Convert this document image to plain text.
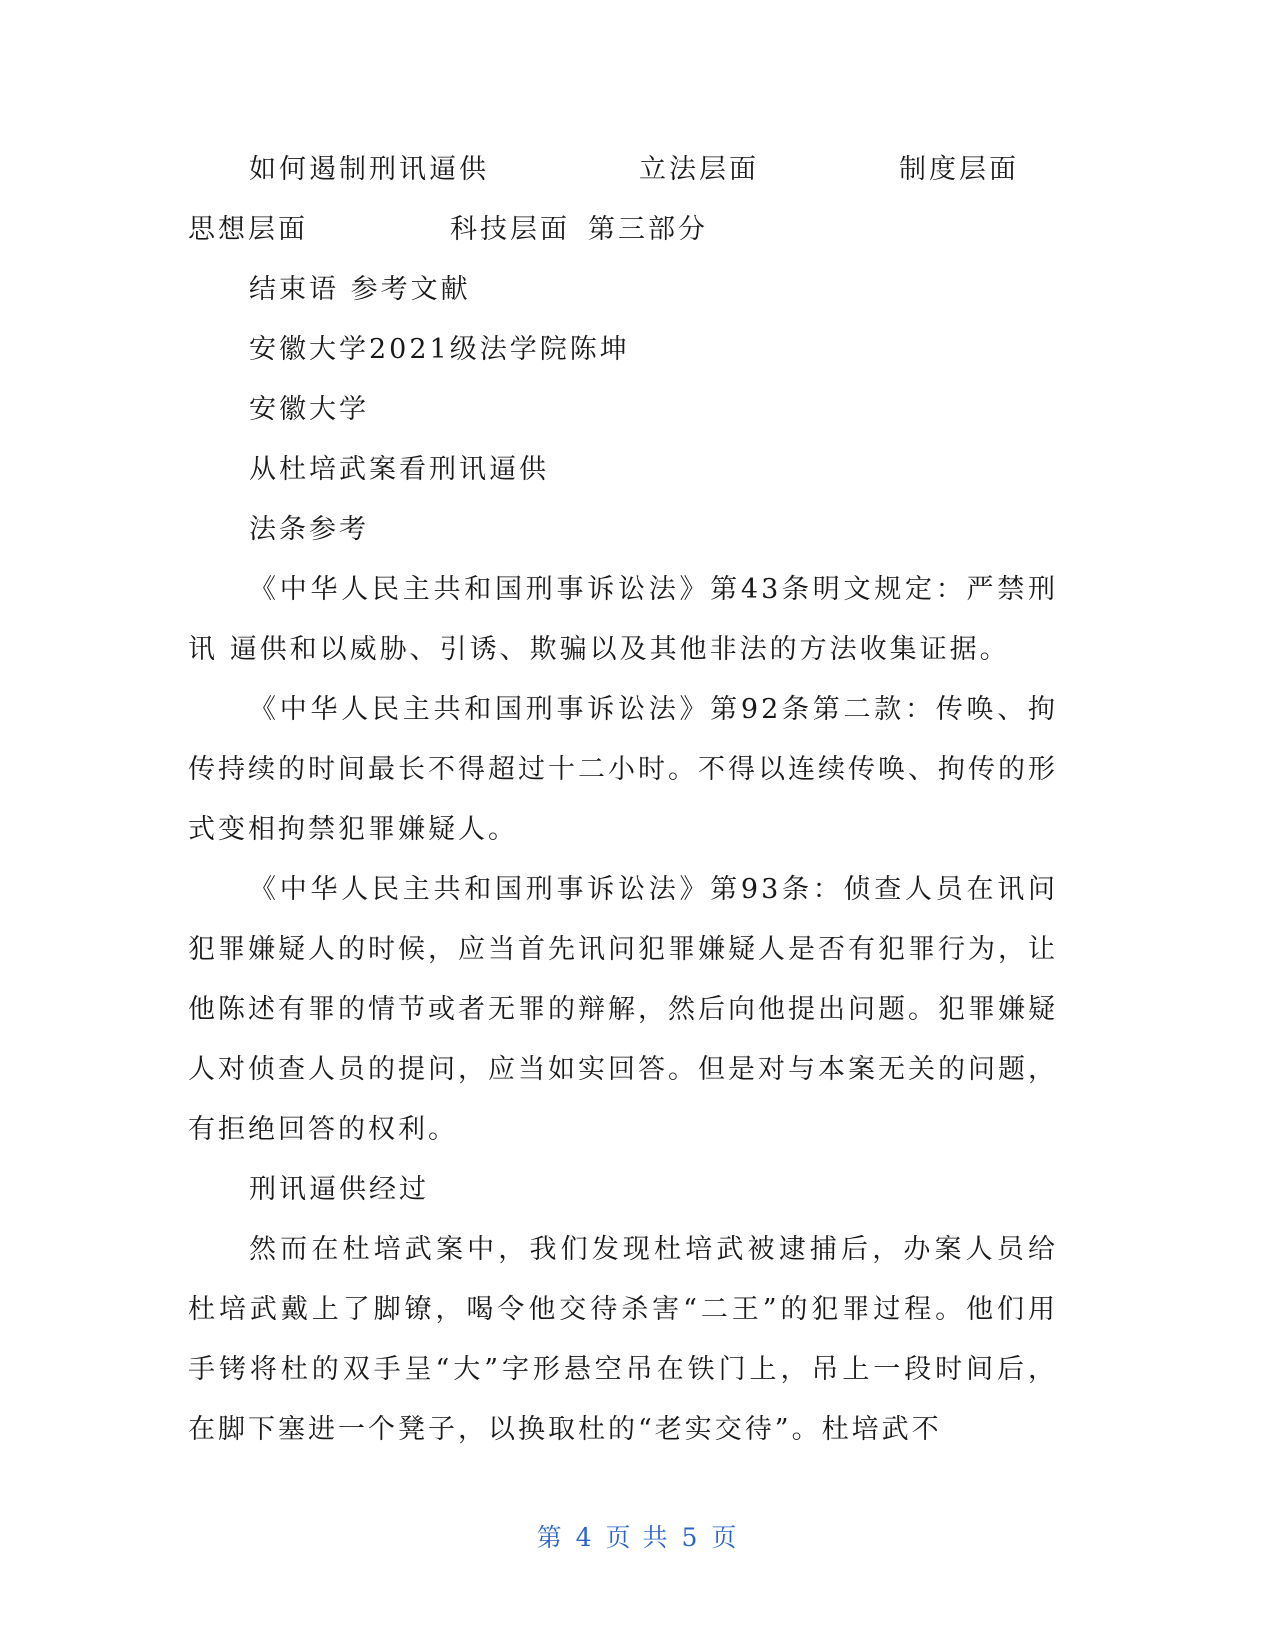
如何遏制刑讯逼供	立法层面	制度层面
思想层面	科技层面 第三部分
结束语 参考文献
安徽大学2021级法学院陈坤
安徽大学
从杜培武案看刑讯逼供
法条参考

《中华人民主共和国刑事诉讼法》第43条明文规定：严禁刑讯 逼供和以威胁、引诱、欺骗以及其他非法的方法收集证据。

《中华人民主共和国刑事诉讼法》第92条第二款：传唤、拘传持续的时间最长不得超过十二小时。不得以连续传唤、拘传的形式变相拘禁犯罪嫌疑人。

《中华人民主共和国刑事诉讼法》第93条：侦查人员在讯问犯罪嫌疑人的时候，应当首先讯问犯罪嫌疑人是否有犯罪行为，让他陈述有罪的情节或者无罪的辩解，然后向他提出问题。犯罪嫌疑人对侦查人员的提问，应当如实回答。但是对与本案无关的问题，有拒绝回答的权利。

刑讯逼供经过

然而在杜培武案中，我们发现杜培武被逮捕后，办案人员给杜培武戴上了脚镣，喝令他交待杀害“二王”的犯罪过程。他们用手铐将杜的双手呈“大”字形悬空吊在铁门上，吊上一段时间后，在脚下塞进一个凳子，以换取杜的“老实交待”。杜培武不

第 4 页 共 5 页
